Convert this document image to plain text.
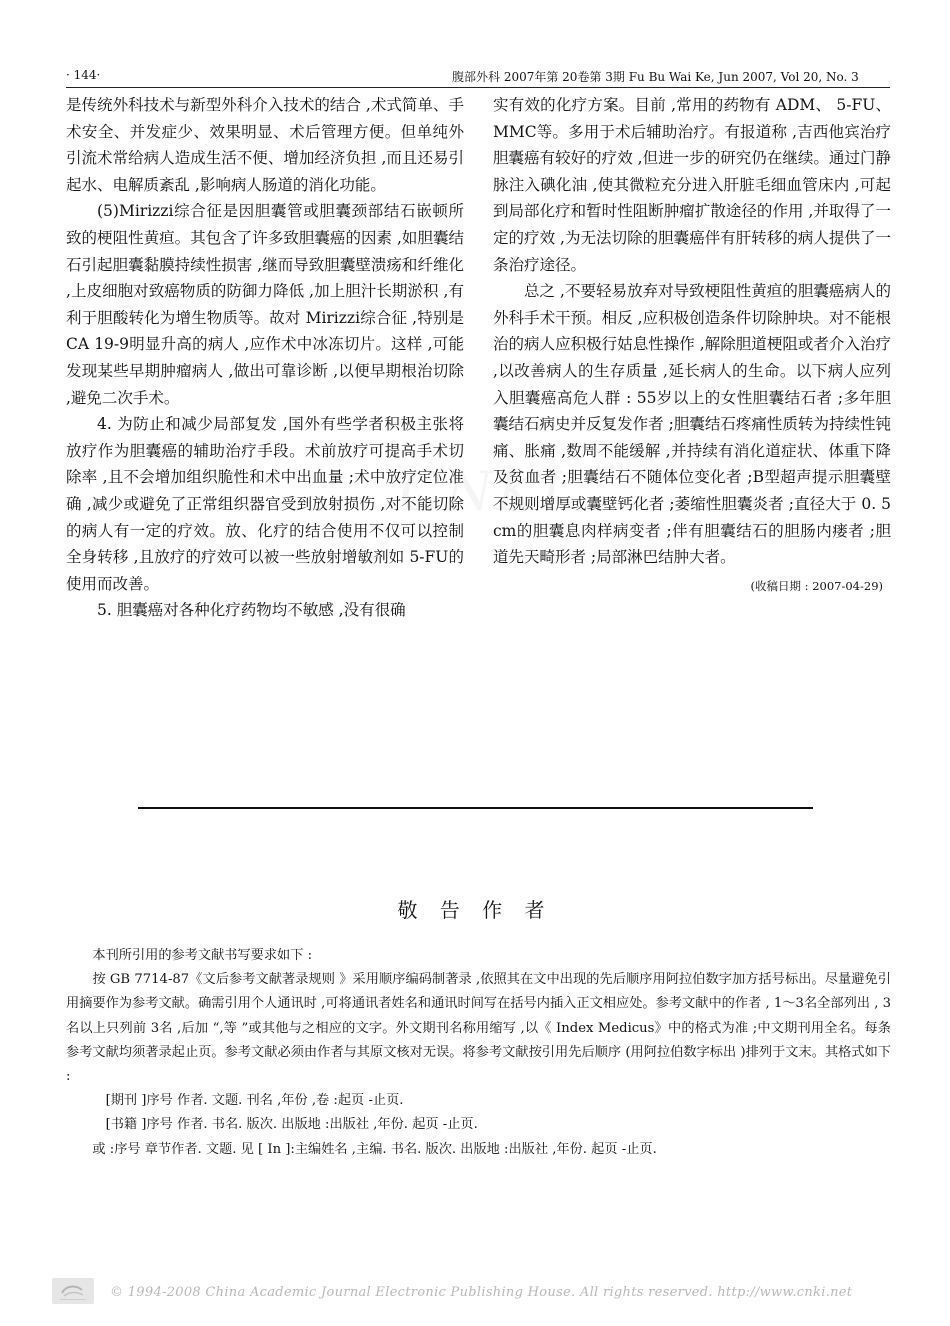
· 144·	腹部外科 2007年第 20卷第 3期 Fu Bu Wai Ke, Jun 2007, Vol 20, No. 3

是传统外科技术与新型外科介入技术的结合 ,术式简单、手术安全、并发症少、效果明显、术后管理方便。但单纯外引流术常给病人造成生活不便、增加经济负担 ,而且还易引起水、电解质紊乱 ,影响病人肠道的消化功能。

(5)Mirizzi综合征是因胆囊管或胆囊颈部结石嵌顿所致的梗阻性黄疸。其包含了许多致胆囊癌的因素 ,如胆囊结石引起胆囊黏膜持续性损害 ,继而导致胆囊壁溃疡和纤维化 ,上皮细胞对致癌物质的防御力降低 ,加上胆汁长期淤积 ,有利于胆酸转化为增生物质等。故对 Mirizzi综合征 ,特别是 CA 19-9明显升高的病人 ,应作术中冰冻切片。这样 ,可能发现某些早期肿瘤病人 ,做出可靠诊断 ,以便早期根治切除 ,避免二次手术。

4. 为防止和减少局部复发 ,国外有些学者积极主张将放疗作为胆囊癌的辅助治疗手段。术前放疗可提高手术切除率 ,且不会增加组织脆性和术中出血量 ;术中放疗定位准确 ,减少或避免了正常组织器官受到放射损伤 ,对不能切除的病人有一定的疗效。放、化疗的结合使用不仅可以控制全身转移 ,且放疗的疗效可以被一些放射增敏剂如 5-FU的使用而改善。

5. 胆囊癌对各种化疗药物均不敏感 ,没有很确

实有效的化疗方案。目前 ,常用的药物有 ADM、 5-FU、MMC等。多用于术后辅助治疗。有报道称 ,吉西他宾治疗胆囊癌有较好的疗效 ,但进一步的研究仍在继续。通过门静脉注入碘化油 ,使其微粒充分进入肝脏毛细血管床内 ,可起到局部化疗和暂时性阻断肿瘤扩散途径的作用 ,并取得了一定的疗效 ,为无法切除的胆囊癌伴有肝转移的病人提供了一条治疗途径。

总之 ,不要轻易放弃对导致梗阻性黄疸的胆囊癌病人的外科手术干预。相反 ,应积极创造条件切除肿块。对不能根治的病人应积极行姑息性操作 ,解除胆道梗阻或者介入治疗 ,以改善病人的生存质量 ,延长病人的生命。以下病人应列入胆囊癌高危人群 : 55岁以上的女性胆囊结石者 ;多年胆囊结石病史并反复发作者 ;胆囊结石疼痛性质转为持续性钝痛、胀痛 ,数周不能缓解 ,并持续有消化道症状、体重下降及贫血者 ;胆囊结石不随体位变化者 ;B型超声提示胆囊壁不规则增厚或囊壁钙化者 ;萎缩性胆囊炎者 ;直径大于 0. 5 cm的胆囊息肉样病变者 ;伴有胆囊结石的胆肠内瘘者 ;胆道先天畸形者 ;局部淋巴结肿大者。

(收稿日期 : 2007-04-29)
敬 告 作 者

本刊所引用的参考文献书写要求如下 :

按 GB 7714-87《文后参考文献著录规则 》采用顺序编码制著录 ,依照其在文中出现的先后顺序用阿拉伯数字加方括号标出。尽量避免引用摘要作为参考文献。确需引用个人通讯时 ,可将通讯者姓名和通讯时间写在括号内插入正文相应处。参考文献中的作者 , 1～3名全部列出 , 3名以上只列前 3名 ,后加 “,等 ”或其他与之相应的文字。外文期刊名称用缩写 ,以《 Index Medicus》中的格式为准 ;中文期刊用全名。每条参考文献均须著录起止页。参考文献必须由作者与其原文核对无误。将参考文献按引用先后顺序 (用阿拉伯数字标出 )排列于文末。其格式如下 :

[期刊 ]序号 作者. 文题. 刊名 ,年份 ,卷 :起页 -止页.

[书籍 ]序号 作者. 书名. 版次. 出版地 :出版社 ,年份. 起页 -止页.

或 :序号 章节作者. 文题. 见 [ In ]:主编姓名 ,主编. 书名. 版次. 出版地 :出版社 ,年份. 起页 -止页.

© 1994-2008 China Academic Journal Electronic Publishing House. All rights reserved. http://www.cnki.net
